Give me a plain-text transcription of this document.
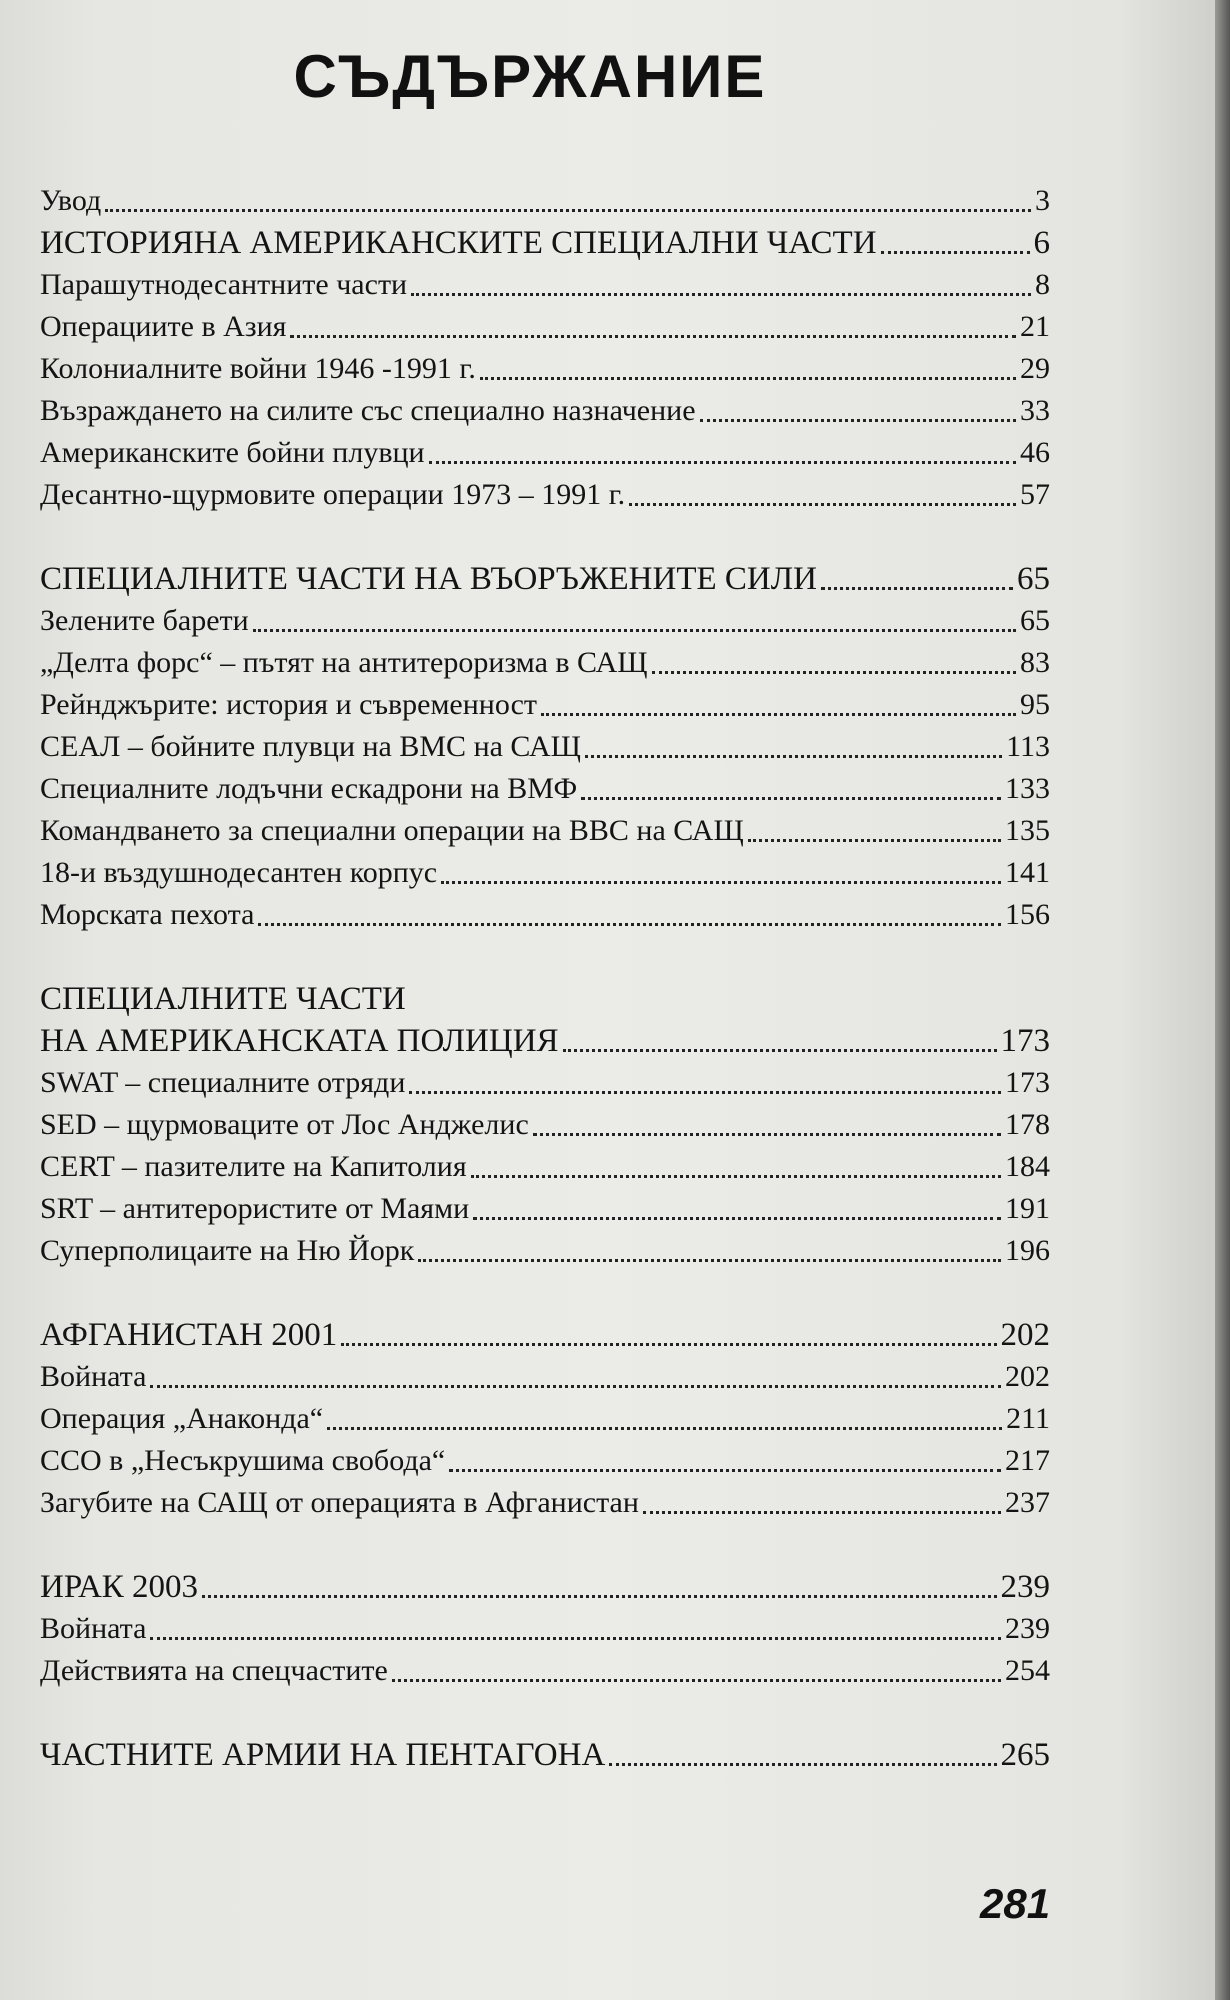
СЪДЪРЖАНИЕ
Увод	3
ИСТОРИЯНА АМЕРИКАНСКИТЕ СПЕЦИАЛНИ ЧАСТИ	6
Парашутнодесантните части	8
Операциите в Азия	21
Колониалните войни 1946 -1991 г.	29
Възраждането на силите със специално назначение	33
Американските бойни плувци	46
Десантно-щурмовите операции 1973 – 1991 г.	57
СПЕЦИАЛНИТЕ ЧАСТИ НА ВЪОРЪЖЕНИТЕ СИЛИ	65
Зелените барети	65
„Делта форс“ – пътят на антитероризма в САЩ	83
Рейнджърите: история и съвременност	95
СЕАЛ – бойните плувци на ВМС на САЩ	113
Специалните лодъчни ескадрони на ВМФ	133
Командването за специални операции на ВВС на САЩ	135
18-и въздушнодесантен корпус	141
Морската пехота	156
СПЕЦИАЛНИТЕ ЧАСТИ
НА АМЕРИКАНСКАТА ПОЛИЦИЯ	173
SWAT – специалните отряди	173
SED – щурмоваците от Лос Анджелис	178
CERT – пазителите на Капитолия	184
SRT – антитерористите от Маями	191
Суперполицаите на Ню Йорк	196
АФГАНИСТАН 2001	202
Войната	202
Операция „Анаконда“	211
ССО в „Несъкрушима свобода“	217
Загубите на САЩ от операцията в Афганистан	237
ИРАК 2003	239
Войната	239
Действията на спецчастите	254
ЧАСТНИТЕ АРМИИ НА ПЕНТАГОНА	265
281
